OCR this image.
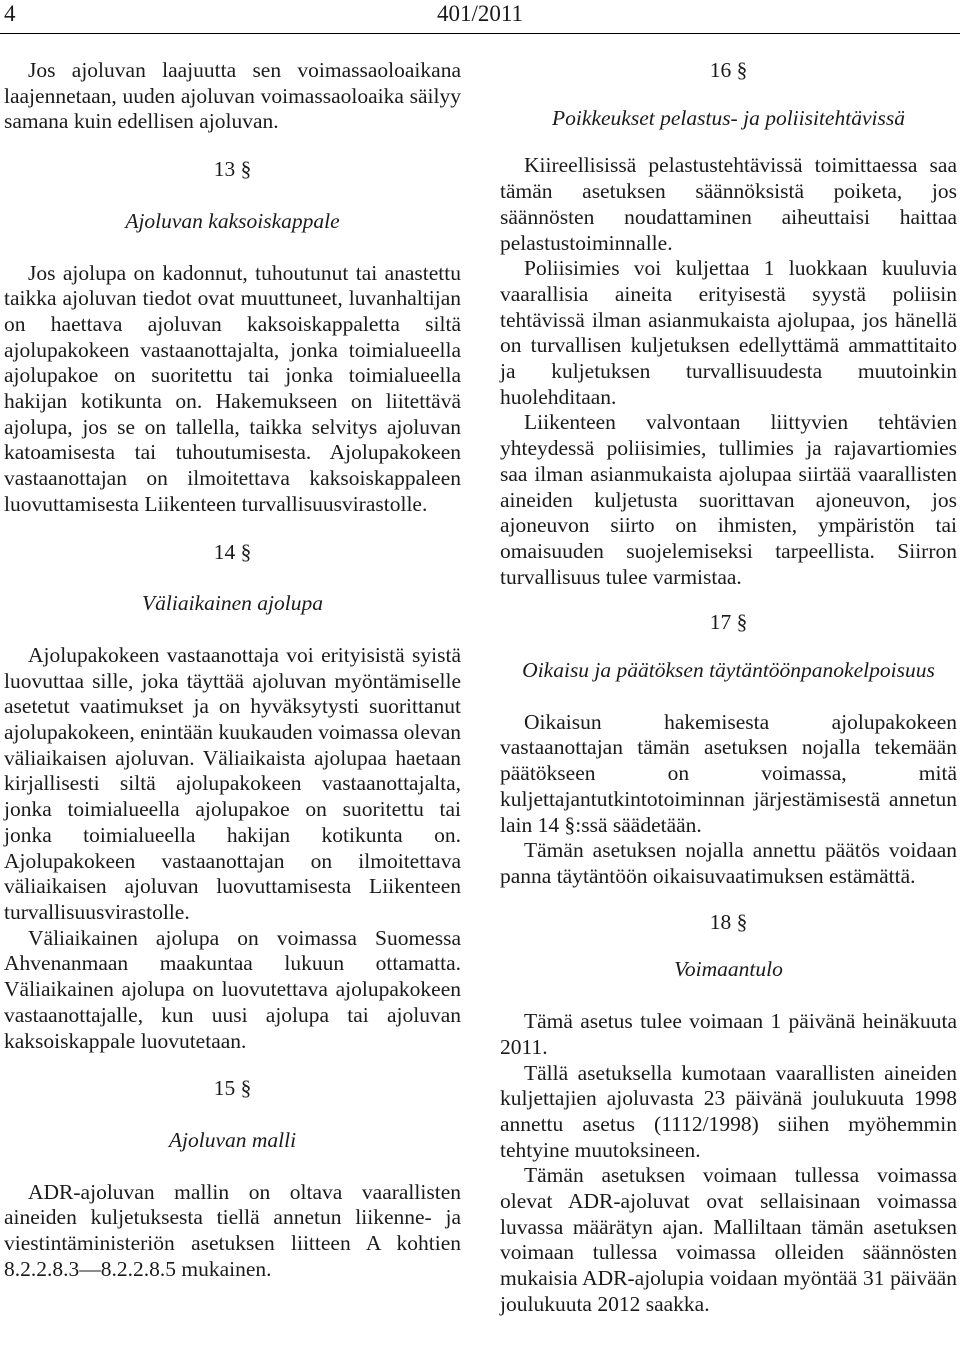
4	401/2011

Jos ajoluvan laajuutta sen voimassaoloaikana laajennetaan, uuden ajoluvan voimassaoloaika säilyy samana kuin edellisen ajoluvan.

13 §
Ajoluvan kaksoiskappale

Jos ajolupa on kadonnut, tuhoutunut tai anastettu taikka ajoluvan tiedot ovat muuttuneet, luvanhaltijan on haettava ajoluvan kaksoiskappaletta siltä ajolupakokeen vastaanottajalta, jonka toimialueella ajolupakoe on suoritettu tai jonka toimialueella hakijan kotikunta on. Hakemukseen on liitettävä ajolupa, jos se on tallella, taikka selvitys ajoluvan katoamisesta tai tuhoutumisesta. Ajolupakokeen vastaanottajan on ilmoitettava kaksoiskappaleen luovuttamisesta Liikenteen turvallisuusvirastolle.

14 §
Väliaikainen ajolupa

Ajolupakokeen vastaanottaja voi erityisistä syistä luovuttaa sille, joka täyttää ajoluvan myöntämiselle asetetut vaatimukset ja on hyväksytysti suorittanut ajolupakokeen, enintään kuukauden voimassa olevan väliaikaisen ajoluvan. Väliaikaista ajolupaa haetaan kirjallisesti siltä ajolupakokeen vastaanottajalta, jonka toimialueella ajolupakoe on suoritettu tai jonka toimialueella hakijan kotikunta on. Ajolupakokeen vastaanottajan on ilmoitettava väliaikaisen ajoluvan luovuttamisesta Liikenteen turvallisuusvirastolle.

Väliaikainen ajolupa on voimassa Suomessa Ahvenanmaan maakuntaa lukuun ottamatta. Väliaikainen ajolupa on luovutettava ajolupakokeen vastaanottajalle, kun uusi ajolupa tai ajoluvan kaksoiskappale luovutetaan.

15 §
Ajoluvan malli

ADR-ajoluvan mallin on oltava vaarallisten aineiden kuljetuksesta tiellä annetun liikenne- ja viestintäministeriön asetuksen liitteen A kohtien 8.2.2.8.3—8.2.2.8.5 mukainen.

16 §
Poikkeukset pelastus- ja poliisitehtävissä

Kiireellisissä pelastustehtävissä toimittaessa saa tämän asetuksen säännöksistä poiketa, jos säännösten noudattaminen aiheuttaisi haittaa pelastustoiminnalle.

Poliisimies voi kuljettaa 1 luokkaan kuuluvia vaarallisia aineita erityisestä syystä poliisin tehtävissä ilman asianmukaista ajolupaa, jos hänellä on turvallisen kuljetuksen edellyttämä ammattitaito ja kuljetuksen turvallisuudesta muutoinkin huolehditaan.

Liikenteen valvontaan liittyvien tehtävien yhteydessä poliisimies, tullimies ja rajavartiomies saa ilman asianmukaista ajolupaa siirtää vaarallisten aineiden kuljetusta suorittavan ajoneuvon, jos ajoneuvon siirto on ihmisten, ympäristön tai omaisuuden suojelemiseksi tarpeellista. Siirron turvallisuus tulee varmistaa.

17 §
Oikaisu ja päätöksen täytäntöönpanokelpoisuus

Oikaisun hakemisesta ajolupakokeen vastaanottajan tämän asetuksen nojalla tekemään päätökseen on voimassa, mitä kuljettajantutkintotoiminnan järjestämisestä annetun lain 14 §:ssä säädetään.

Tämän asetuksen nojalla annettu päätös voidaan panna täytäntöön oikaisuvaatimuksen estämättä.

18 §
Voimaantulo

Tämä asetus tulee voimaan 1 päivänä heinäkuuta 2011.

Tällä asetuksella kumotaan vaarallisten aineiden kuljettajien ajoluvasta 23 päivänä joulukuuta 1998 annettu asetus (1112/1998) siihen myöhemmin tehtyine muutoksineen.

Tämän asetuksen voimaan tullessa voimassa olevat ADR-ajoluvat ovat sellaisinaan voimassa luvassa määrätyn ajan. Malliltaan tämän asetuksen voimaan tullessa voimassa olleiden säännösten mukaisia ADR-ajolupia voidaan myöntää 31 päivään joulukuuta 2012 saakka.
